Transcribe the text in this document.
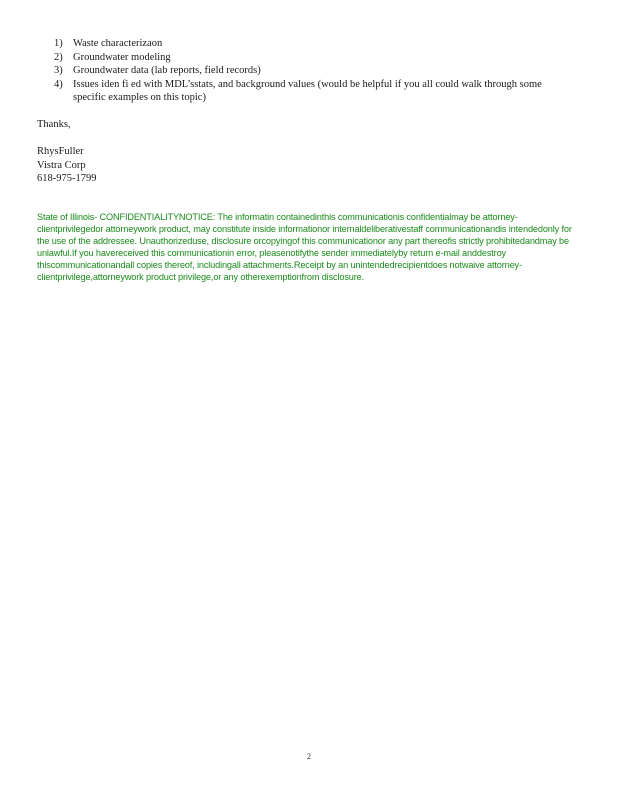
1) Waste characterizaon
2) Groundwater modeling
3) Groundwater data (lab reports, field records)
4) Issues iden fi ed with MDL’sstats, and background values (would be helpful if you all could walk through some specific examples on this topic)
Thanks,
RhysFuller
Vistra Corp
618-975-1799
State of Illinois- CONFIDENTIALITYNOTICE: The informatin containedinthis communicationis confidentialmay be attorney-clientprivilegedor attorneywork product, may constitute inside informationor internaldeliberativestaff communicationandis intendedonly for the use of the addressee. Unauthorizeduse, disclosure orcopyingof this communicationor any part thereofis strictly prohibitedandmay be unlawful.If you havereceived this communicationin error, pleasenotifythe sender immediatelyby return e-mail anddestroy thiscommunicationandall copies thereof, includingall attachments.Receipt by an unintendedrecipientdoes notwaive attorney-clientprivilege,attorneywork product privilege,or any otherexemptionfrom disclosure.
2
